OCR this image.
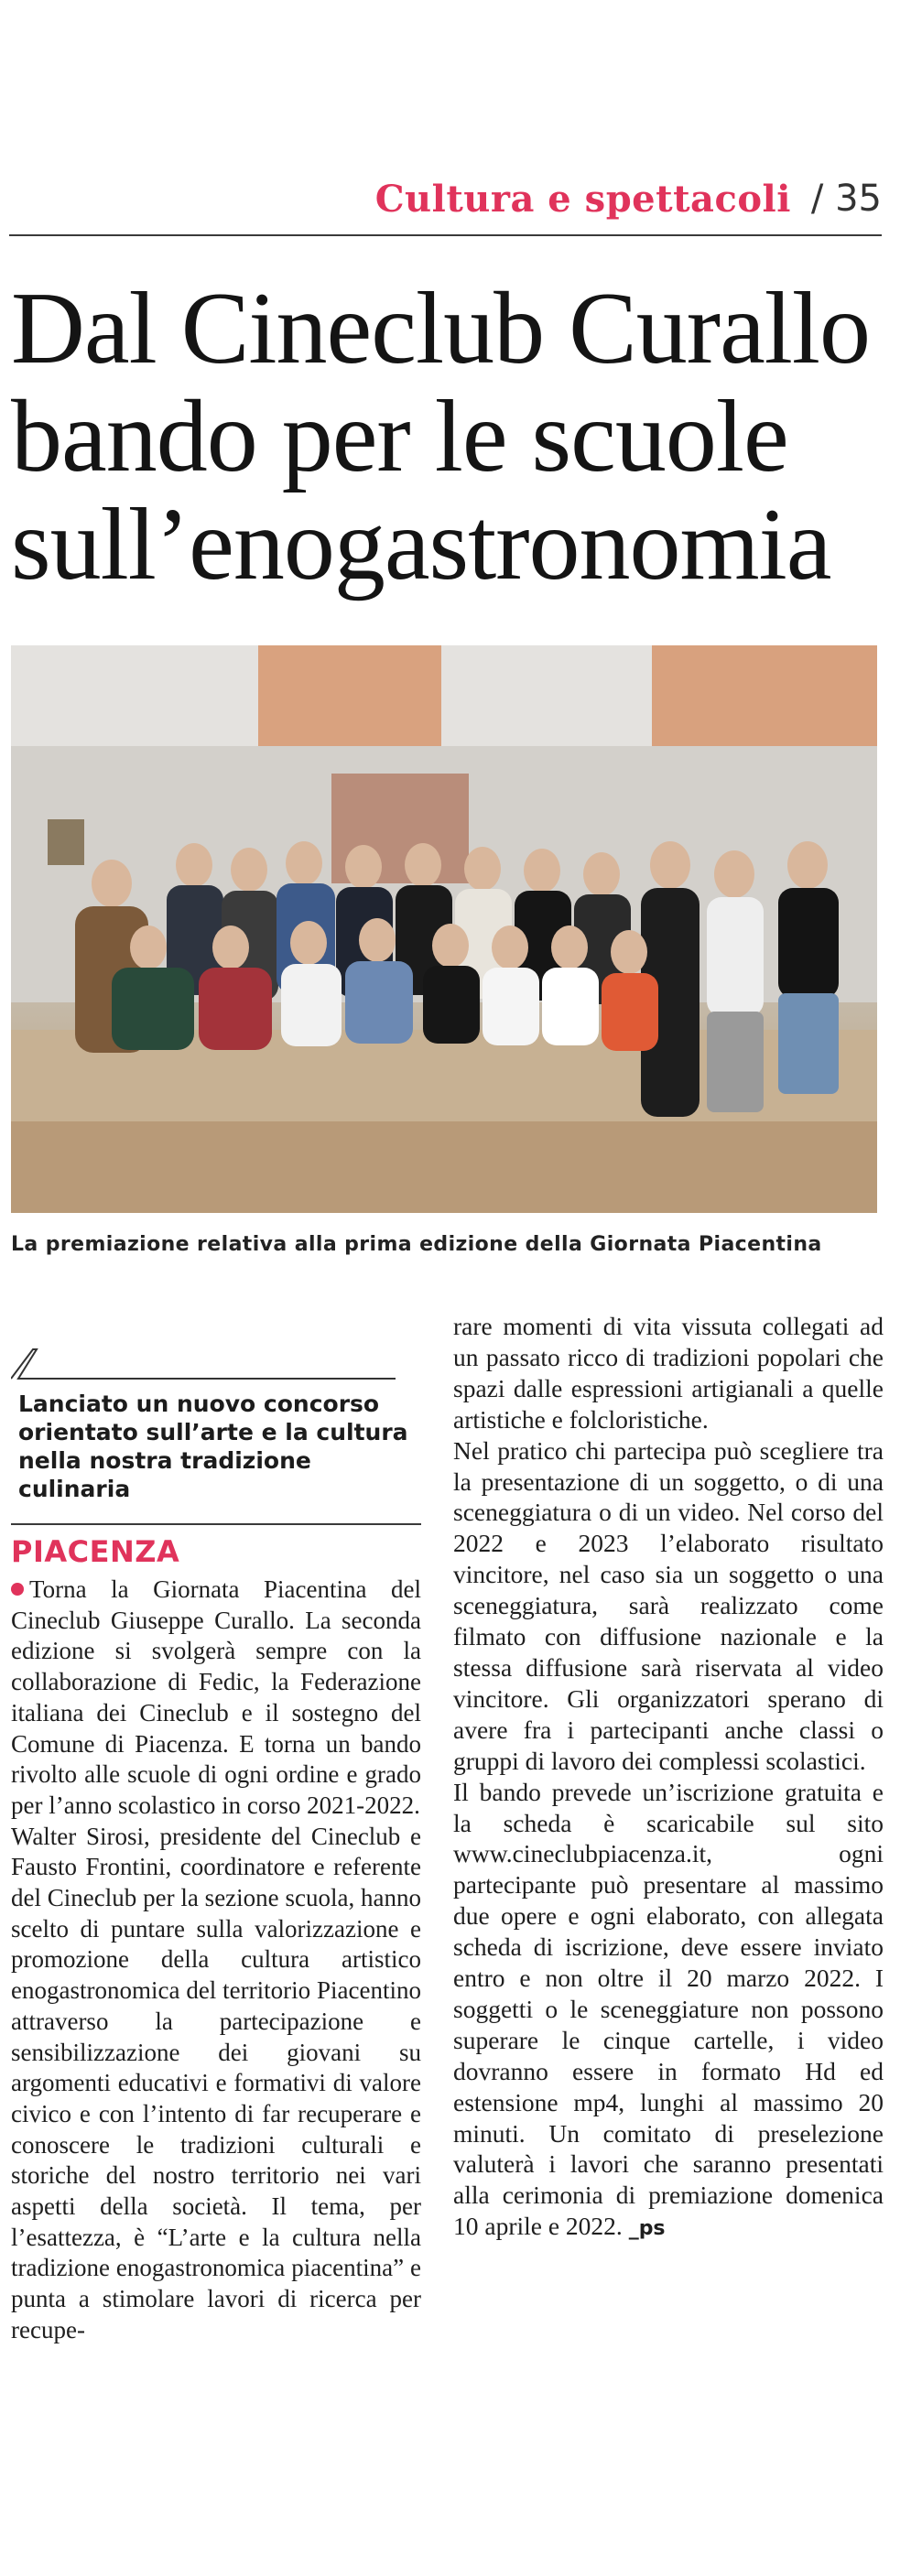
Cultura e spettacoli / 35
Dal Cineclub Curallo
bando per le scuole
sull’enogastronomia
La premiazione relativa alla prima edizione della Giornata Piacentina
Lanciato un nuovo concorso orientato sull’arte e la cultura nella nostra tradizione culinaria
PIACENZA

Torna la Giornata Piacentina del Cineclub Giuseppe Curallo. La seconda edizione si svolgerà sempre con la collaborazione di Fedic, la Federazione italiana dei Cineclub e il sostegno del Comune di Piacenza. E torna un bando rivolto alle scuole di ogni ordine e grado per l’anno scolastico in corso 2021-2022.

Walter Sirosi, presidente del Cineclub e Fausto Frontini, coordinatore e referente del Cineclub per la sezione scuola, hanno scelto di puntare sulla valorizzazione e promozione della cultura artistico enogastronomica del territorio Piacentino attraverso la partecipazione e sensibilizzazione dei giovani su argomenti educativi e formativi di valore civico e con l’intento di far recuperare e conoscere le tradizioni culturali e storiche del nostro territorio nei vari aspetti della società. Il tema, per l’esattezza, è “L’arte e la cultura nella tradizione enogastronomica piacentina” e punta a stimolare lavori di ricerca per recupe-

rare momenti di vita vissuta collegati ad un passato ricco di tradizioni popolari che spazi dalle espressioni artigianali a quelle artistiche e folcloristiche.

Nel pratico chi partecipa può scegliere tra la presentazione di un soggetto, o di una sceneggiatura o di un video. Nel corso del 2022 e 2023 l’elaborato risultato vincitore, nel caso sia un soggetto o una sceneggiatura, sarà realizzato come filmato con diffusione nazionale e la stessa diffusione sarà riservata al video vincitore. Gli organizzatori sperano di avere fra i partecipanti anche classi o gruppi di lavoro dei complessi scolastici.

Il bando prevede un’iscrizione gratuita e la scheda è scaricabile sul sito www.cineclubpiacenza.it, ogni partecipante può presentare al massimo due opere e ogni elaborato, con allegata scheda di iscrizione, deve essere inviato entro e non oltre il 20 marzo 2022. I soggetti o le sceneggiature non possono superare le cinque cartelle, i video dovranno essere in formato Hd ed estensione mp4, lunghi al massimo 20 minuti. Un comitato di preselezione valuterà i lavori che saranno presentati alla cerimonia di premiazione domenica 10 aprile e 2022. _ps
